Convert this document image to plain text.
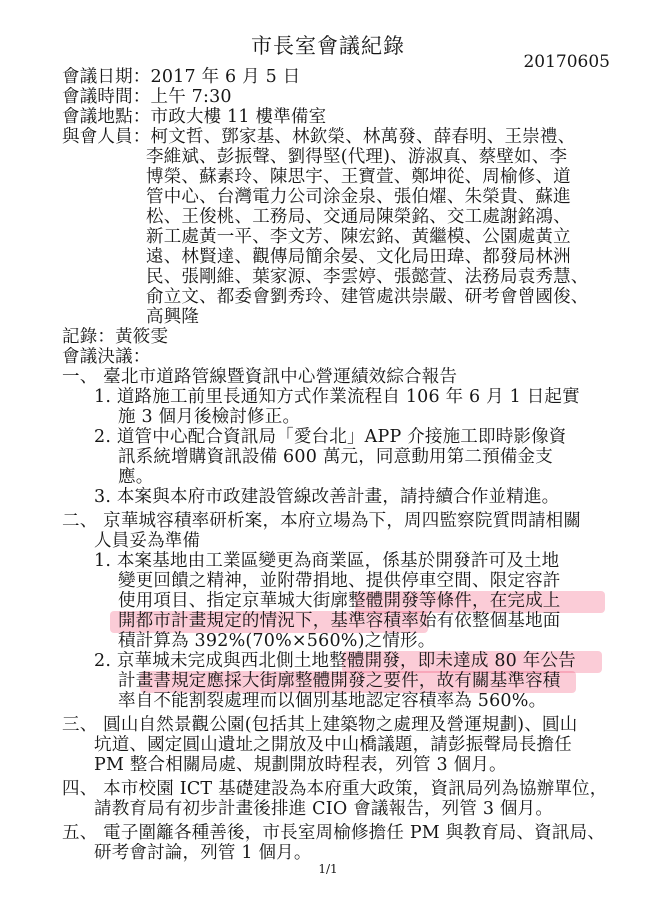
市長室會議紀錄
20170605
會議日期：2017 年 6 月 5 日
會議時間：上午 7:30
會議地點：市政大樓 11 樓準備室
與會人員：柯文哲、鄧家基、林欽榮、林萬發、薛春明、王崇禮、
李維斌、彭振聲、劉得堅(代理)、游淑真、蔡壁如、李
博榮、蘇素玲、陳思宇、王寶萱、鄭坤從、周榆修、道
管中心、台灣電力公司涂金泉、張伯燿、朱榮貴、蘇進
松、王俊桃、工務局、交通局陳榮銘、交工處謝銘鴻、
新工處黃一平、李文芳、陳宏銘、黃繼模、公園處黃立
遠、林賢達、觀傳局簡余晏、文化局田瑋、都發局林洲
民、張剛維、葉家源、李雲婷、張懿萱、法務局袁秀慧、
俞立文、都委會劉秀玲、建管處洪崇嚴、研考會曾國俊、
高興隆
記錄：黃筱雯
會議決議：
一、 臺北市道路管線暨資訊中心營運績效綜合報告
1. 道路施工前里長通知方式作業流程自 106 年 6 月 1 日起實
施 3 個月後檢討修正。
2. 道管中心配合資訊局「愛台北」APP 介接施工即時影像資
訊系統增購資訊設備 600 萬元，同意動用第二預備金支
應。
3. 本案與本府市政建設管線改善計畫，請持續合作並精進。
二、 京華城容積率研析案，本府立場為下，周四監察院質問請相關
人員妥為準備
1. 本案基地由工業區變更為商業區，係基於開發許可及土地
變更回饋之精神，並附帶捐地、提供停車空間、限定容許
使用項目、指定京華城大街廓整體開發等條件，在完成上
開都市計畫規定的情況下，基準容積率始有依整個基地面
積計算為 392%(70%×560%)之情形。
2. 京華城未完成與西北側土地整體開發，即未達成 80 年公告
計畫書規定應採大街廓整體開發之要件，故有關基準容積
率自不能割裂處理而以個別基地認定容積率為 560%。
三、 圓山自然景觀公園(包括其上建築物之處理及營運規劃)、圓山
坑道、國定圓山遺址之開放及中山橋議題，請彭振聲局長擔任
PM 整合相關局處、規劃開放時程表，列管 3 個月。
四、 本市校園 ICT 基礎建設為本府重大政策，資訊局列為協辦單位，
請教育局有初步計畫後排進 CIO 會議報告，列管 3 個月。
五、 電子圍籬各種善後，市長室周榆修擔任 PM 與教育局、資訊局、
研考會討論，列管 1 個月。
1/1
